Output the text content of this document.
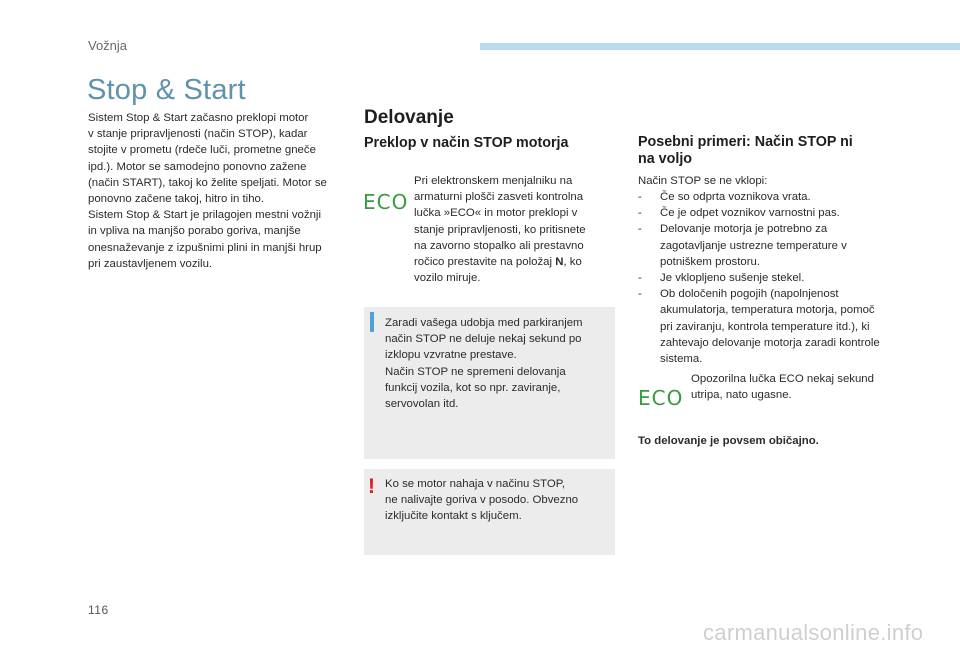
Vožnja
Stop & Start
Sistem Stop & Start začasno preklopi motor
v stanje pripravljenosti (način STOP), kadar
stojite v prometu (rdeče luči, prometne gneče
ipd.). Motor se samodejno ponovno zažene
(način START), takoj ko želite speljati. Motor se
ponovno začene takoj, hitro in tiho.
Sistem Stop & Start je prilagojen mestni vožnji
in vpliva na manjšo porabo goriva, manjše
onesnaževanje z izpušnimi plini in manjši hrup
pri zaustavljenem vozilu.
Delovanje
Preklop v način STOP motorja
ECO
Pri elektronskem menjalniku na
armaturni plošči zasveti kontrolna
lučka »ECO« in motor preklopi v
stanje pripravljenosti, ko pritisnete
na zavorno stopalko ali prestavno
ročico prestavite na položaj N, ko
vozilo miruje.
Zaradi vašega udobja med parkiranjem
način STOP ne deluje nekaj sekund po
izklopu vzvratne prestave.
Način STOP ne spremeni delovanja
funkcij vozila, kot so npr. zaviranje,
servovolan itd.
! Ko se motor nahaja v načinu STOP,
ne nalivajte goriva v posodo. Obvezno
izključite kontakt s ključem.
Posebni primeri: Način STOP ni
na voljo
Način STOP se ne vklopi:
- Če so odprta voznikova vrata.
- Če je odpet voznikov varnostni pas.
- Delovanje motorja je potrebno za
zagotavljanje ustrezne temperature v
potniškem prostoru.
- Je vklopljeno sušenje stekel.
- Ob določenih pogojih (napolnjenost
akumulatorja, temperatura motorja, pomoč
pri zaviranju, kontrola temperature itd.), ki
zahtevajo delovanje motorja zaradi kontrole
sistema.
ECO
Opozorilna lučka ECO nekaj sekund
utripa, nato ugasne.
To delovanje je povsem običajno.
116
carmanualsonline.info
